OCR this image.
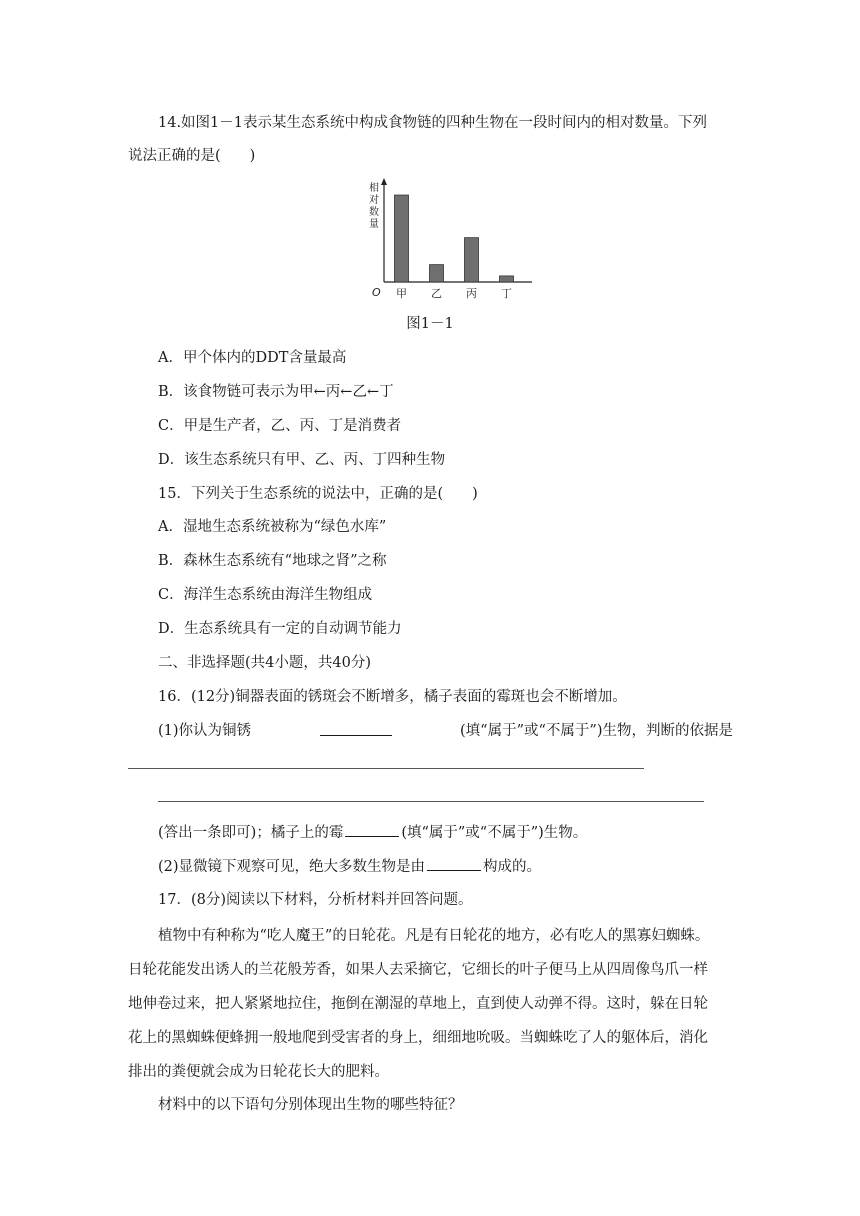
14.如图1－1表示某生态系统中构成食物链的四种生物在一段时间内的相对数量。下列
说法正确的是(　　)
O
相
对
数
量
甲 乙 丙 丁
图1－1
A．甲个体内的DDT含量最高
B．该食物链可表示为甲←丙←乙←丁
C．甲是生产者，乙、丙、丁是消费者
D．该生态系统只有甲、乙、丙、丁四种生物
15．下列关于生态系统的说法中，正确的是(　　)
A．湿地生态系统被称为“绿色水库”
B．森林生态系统有“地球之肾”之称
C．海洋生态系统由海洋生物组成
D．生态系统具有一定的自动调节能力
二、非选择题(共4小题，共40分)
16．(12分)铜器表面的锈斑会不断增多，橘子表面的霉斑也会不断增加。
(1)你认为铜锈	(填“属于”或“不属于”)生物，判断的依据是
(答出一条即可)；橘子上的霉	(填“属于”或“不属于”)生物。
(2)显微镜下观察可见，绝大多数生物是由	构成的。
17．(8分)阅读以下材料，分析材料并回答问题。
植物中有种称为“吃人魔王”的日轮花。凡是有日轮花的地方，必有吃人的黑寡妇蜘蛛。
日轮花能发出诱人的兰花般芳香，如果人去采摘它，它细长的叶子便马上从四周像鸟爪一样
地伸卷过来，把人紧紧地拉住，拖倒在潮湿的草地上，直到使人动弹不得。这时，躲在日轮
花上的黑蜘蛛便蜂拥一般地爬到受害者的身上，细细地吮吸。当蜘蛛吃了人的躯体后，消化
排出的粪便就会成为日轮花长大的肥料。
材料中的以下语句分别体现出生物的哪些特征？
